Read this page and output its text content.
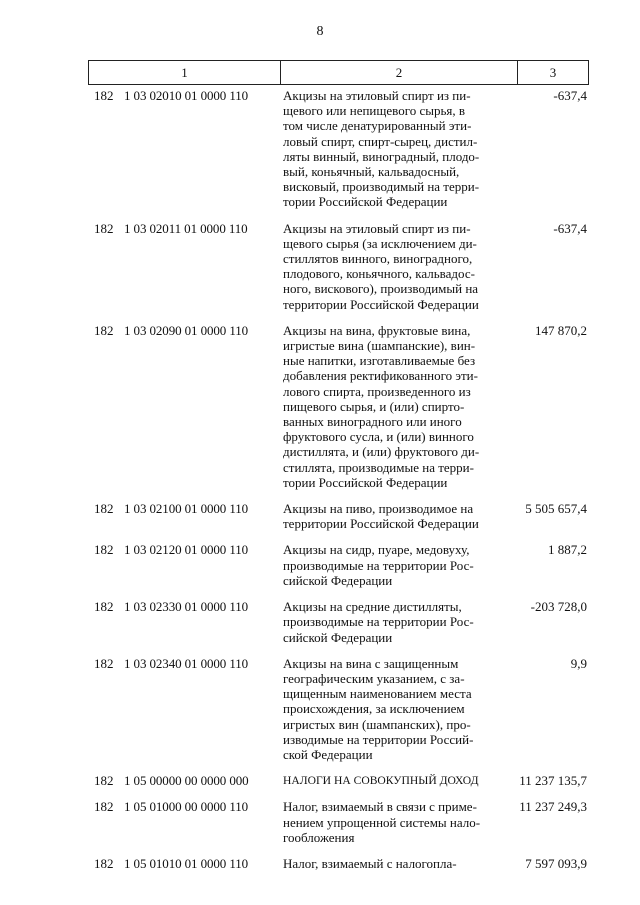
8
1	2	3
182 1 03 02010 01 0000 110	Акцизы на этиловый спирт из пи-
щевого или непищевого сырья, в
том числе денатурированный эти-
ловый спирт, спирт-сырец, дистил-
ляты винный, виноградный, плодо-
вый, коньячный, кальвадосный,
висковый, производимый на терри-
тории Российской Федерации
-637,4
182 1 03 02011 01 0000 110	Акцизы на этиловый спирт из пи-
щевого сырья (за исключением ди-
стиллятов винного, виноградного,
плодового, коньячного, кальвадос-
ного, вискового), производимый на
территории Российской Федерации
-637,4
182 1 03 02090 01 0000 110	Акцизы на вина, фруктовые вина,
игристые вина (шампанские), вин-
ные напитки, изготавливаемые без
добавления ректификованного эти-
лового спирта, произведенного из
пищевого сырья, и (или) спирто-
ванных виноградного или иного
фруктового сусла, и (или) винного
дистиллята, и (или) фруктового ди-
стиллята, производимые на терри-
тории Российской Федерации
147 870,2
182 1 03 02100 01 0000 110	Акцизы на пиво, производимое на
территории Российской Федерации
5 505 657,4
182 1 03 02120 01 0000 110	Акцизы на сидр, пуаре, медовуху,
производимые на территории Рос-
сийской Федерации
1 887,2
182 1 03 02330 01 0000 110	Акцизы на средние дистилляты,
производимые на территории Рос-
сийской Федерации
-203 728,0
182 1 03 02340 01 0000 110	Акцизы на вина с защищенным
географическим указанием, с за-
щищенным наименованием места
происхождения, за исключением
игристых вин (шампанских), про-
изводимые на территории Россий-
ской Федерации
9,9
182 1 05 00000 00 0000 000	НАЛОГИ НА СОВОКУПНЫЙ ДОХОД	11 237 135,7
182 1 05 01000 00 0000 110	Налог, взимаемый в связи с приме-
нением упрощенной системы нало-
гообложения
11 237 249,3
182 1 05 01010 01 0000 110	Налог, взимаемый с налогопла-	7 597 093,9
